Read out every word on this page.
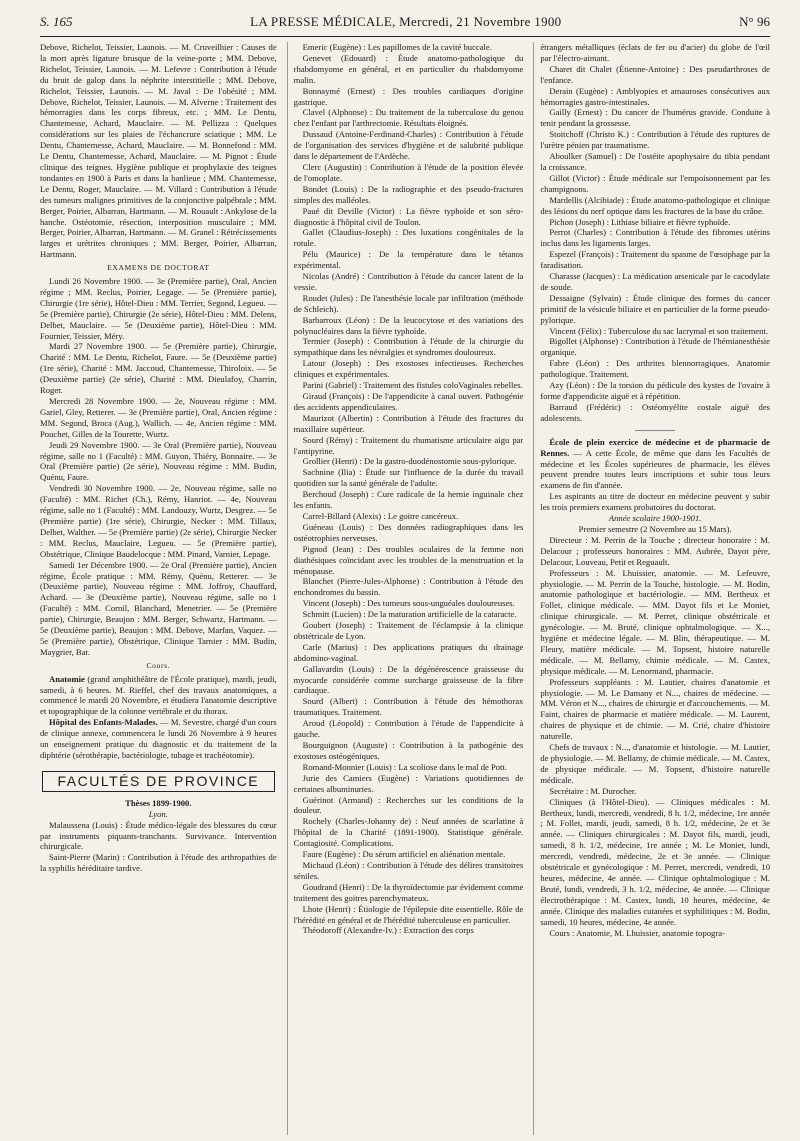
S. 165	LA PRESSE MÉDICALE, Mercredi, 21 Novembre 1900	N° 96

Debove, Richelot, Teissier, Launois. — M. Cruveilhier : Causes de la mort après ligature brusque de la veine-porte ; MM. Debove, Richelot, Teissier, Launois. — M. Lefevre : Contribution à l'étude du bruit de galop dans la néphrite interstitielle ; MM. Debove, Richelot, Teissier, Launois. — M. Javal : De l'obésité ; MM. Debove, Richelot, Teissier, Launois. — M. Alverne : Traitement des hémorragies dans les corps fibreux, etc. ; MM. Le Dentu, Chantemesse, Achard, Mauclaire. — M. Pellizza : Quelques considérations sur les plaies de l'échancrure sciatique ; MM. Le Dentu, Chantemesse, Achard, Mauclaire. — M. Bonnefond : MM. Le Dentu, Chantemesse, Achard, Mauclaire. — M. Pignot : Étude clinique des teignes. Hygiène publique et prophylaxie des teignes tondantes en 1900 à Paris et dans la banlieue ; MM. Chantemesse, Le Dentu, Roger, Mauclaire. — M. Villard : Contribution à l'étude des tumeurs malignes primitives de la conjonctive palpébrale ; MM. Berger, Poirier, Albarran, Hartmann. — M. Rouault : Ankylose de la hanche. Ostéotomie, résection, interposition musculaire ; MM. Berger, Poirier, Albarran, Hartmann. — M. Granel : Rétrécissements larges et urétrites chroniques ; MM. Berger, Poirier, Albarran, Hartmann.

EXAMENS DE DOCTORAT

Lundi 26 Novembre 1900. — 3e (Première partie), Oral, Ancien régime ; MM. Reclus, Poirier, Legage. — 5e (Première partie), Chirurgie (1re série), Hôtel-Dieu : MM. Terrier, Segond, Legueu. — 5e (Première partie), Chirurgie (2e série), Hôtel-Dieu : MM. Delens, Delbet, Mauclaire. — 5e (Deuxième partie), Hôtel-Dieu : MM. Fournier, Teissier, Méry.

Mardi 27 Novembre 1900. — 5e (Première partie), Chirurgie, Charité : MM. Le Dentu, Richelot, Faure. — 5e (Deuxième partie) (1re série), Charité : MM. Jaccoud, Chantemesse, Thiroloix. — 5e (Deuxième partie) (2e série), Charité : MM. Dieulafoy, Charrin, Roger.

Mercredi 28 Novembre 1900. — 2e, Nouveau régime : MM. Gariel, Gley, Retterer. — 3e (Première partie), Oral, Ancien régime : MM. Segond, Broca (Aug.), Wallich. — 4e, Ancien régime : MM. Pouchet, Gilles de la Tourette, Wurtz.

Jeudi 29 Novembre 1900. — 3e Oral (Première partie), Nouveau régime, salle no 1 (Faculté) : MM. Guyon, Thiéry, Bonnaire. — 3e Oral (Première partie) (2e série), Nouveau régime : MM. Budin, Quénu, Faure.

Vendredi 30 Novembre 1900. — 2e, Nouveau régime, salle no (Faculté) : MM. Richet (Ch.), Rémy, Hanriot. — 4e, Nouveau régime, salle no 1 (Faculté) : MM. Landouzy, Wurtz, Desgrez. — 5e (Première partie) (1re série), Chirurgie, Necker : MM. Tillaux, Delbet, Walther. — 5e (Première partie) (2e série), Chirurgie Necker : MM. Reclus, Mauclaire, Legueu. — 5e (Première partie), Obstétrique, Clinique Baudelocque : MM. Pinard, Varnier, Lepage.

Samedi 1er Décembre 1900. — 2e Oral (Première partie), Ancien régime, École pratique : MM. Rémy, Quénu, Retterer. — 3e (Deuxième partie), Nouveau régime : MM. Joffroy, Chauffard, Achard. — 3e (Deuxième partie), Nouveau régime, salle no 1 (Faculté) : MM. Cornil, Blanchard, Menetrier. — 5e (Première partie), Chirurgie, Beaujon : MM. Berger, Schwartz, Hartmann. — 5e (Deuxième partie), Beaujon : MM. Debove, Marfan, Vaquez. — 5e (Première partie), Obstétrique, Clinique Tarnier : MM. Budin, Maygrier, Bar.

Cours.

Anatomie (grand amphithéâtre de l'École pratique), mardi, jeudi, samedi, à 6 heures. M. Rieffel, chef des travaux anatomiques, a commencé le mardi 20 Novembre, et étudiera l'anatomie descriptive et topographique de la colonne vertébrale et du thorax.

Hôpital des Enfants-Malades. — M. Sevestre, chargé d'un cours de clinique annexe, commencera le lundi 26 Novembre à 9 heures un enseignement pratique du diagnostic et du traitement de la diphtérie (sérothérapie, bactériologie, tubage et trachéotomie).

FACULTÉS DE PROVINCE

Thèses 1899-1900.

Lyon.

Malaussena (Louis) : Étude médico-légale des blessures du cœur par instruments piquants-tranchants. Survivance. Intervention chirurgicale.

Saint-Pierre (Marin) : Contribution à l'étude des arthropathies de la syphilis héréditaire tardive.

Emeric (Eugène) : Les papillomes de la cavité buccale.

Genevet (Edouard) : Étude anatomo-pathologique du rhabdomyome en général, et en particulier du rhabdomyome malin.

Bonnaymé (Ernest) : Des troubles cardiaques d'origine gastrique.

Clavel (Alphonse) : Du traitement de la tuberculose du genou chez l'enfant par l'arthrectomie. Résultats éloignés.

Dussaud (Antoine-Ferdinand-Charles) : Contribution à l'étude de l'organisation des services d'hygiène et de salubrité publique dans le département de l'Ardèche.

Clerc (Augustin) : Contribution à l'étude de la position élevée de l'omoplate.

Bondet (Louis) : De la radiographie et des pseudo-fractures simples des malléoles.

Paué dit Deville (Victor) : La fièvre typhoïde et son séro-diagnostic à l'hôpital civil de Toulon.

Gallet (Claudius-Joseph) : Des luxations congénitales de la rotule.

Pélu (Maurice) : De la température dans le tétanos expérimental.

Nicolas (André) : Contribution à l'étude du cancer latent de la vessie.

Roudet (Jules) : De l'anesthésie locale par infiltration (méthode de Schleich).

Barbarroux (Léon) : De la leucocytose et des variations des polynucléaires dans la fièvre typhoïde.

Termier (Joseph) : Contribution à l'étude de la chirurgie du sympathique dans les névralgies et syndromes douloureux.

Latour (Joseph) : Des exostoses infectieuses. Recherches cliniques et expérimentales.

Parini (Gabriel) : Traitement des fistules coloVaginales rebelles.

Giraud (François) : De l'appendicite à canal ouvert. Pathogénie des accidents appendiculaires.

Maurizot (Albertin) : Contribution à l'étude des fractures du maxillaire supérieur.

Sourd (Rémy) : Traitement du rhumatisme articulaire aigu par l'antipyrine.

Grollier (Henri) : De la gastro-duodénostomie sous-pylorique.

Sachnine (Ilia) : Étude sur l'influence de la durée du travail quotidien sur la santé générale de l'adulte.

Berchoud (Joseph) : Cure radicale de la hernie inguinale chez les enfants.

Carrel-Billard (Alexis) : Le goitre cancéreux.

Guéneau (Louis) : Des données radiographiques dans les ostéotrophies nerveuses.

Pignod (Jean) : Des troubles oculaires de la femme non diathésiques coïncidant avec les troubles de la menstruation et la ménopause.

Blanchet (Pierre-Jules-Alphonse) : Contribution à l'étude des enchondromes du bassin.

Vincent (Joseph) : Des tumeurs sous-unguéales douloureuses.

Schmitt (Lucien) : De la maturation artificielle de la cataracte.

Goubert (Joseph) : Traitement de l'éclampsie à la clinique obstétricale de Lyon.

Carle (Marius) : Des applications pratiques du drainage abdomino-vaginal.

Gallavardin (Louis) : De la dégénérescence graisseuse du myocarde considérée comme surcharge graisseuse de la fibre cardiaque.

Sourd (Albert) : Contribution à l'étude des hémothorax traumatiques. Traitement.

Aroud (Léopold) : Contribution à l'étude de l'appendicite à gauche.

Bourguignon (Auguste) : Contribution à la pathogénie des exostoses ostéogéniques.

Romand-Monnier (Louis) : La scoliose dans le mal de Pott.

Jurie des Camiers (Eugène) : Variations quotidiennes de certaines albuminuries.

Guérinot (Armand) : Recherches sur les conditions de la douleur.

Rochely (Charles-Johanny de) : Neuf années de scarlatine à l'hôpital de la Charité (1891-1900). Statistique générale. Contagiosité. Complications.

Faure (Eugène) : Du sérum artificiel en aliénation mentale.

Michaud (Léon) : Contribution à l'étude des délires transitoires séniles.

Goudrand (Henri) : De la thyroïdectomie par évidement comme traitement des goitres parenchymateux.

Lhote (Henri) : Étiologie de l'épilepsie dite essentielle. Rôle de l'hérédité en général et de l'hérédité tuberculeuse en particulier.

Théodoroff (Alexandre-Iv.) : Extraction des corps

étrangers métalliques (éclats de fer ou d'acier) du globe de l'œil par l'électro-aimant.

Charet dit Chalet (Étienne-Antoine) : Des pseudarthroses de l'enfance.

Derain (Eugène) : Amblyopies et amauroses consécutives aux hémorragies gastro-intestinales.

Gailly (Ernest) : Du cancer de l'humérus gravide. Conduite à tenir pendant la grossesse.

Stoitchoff (Christo K.) : Contribution à l'étude des ruptures de l'urètre pénien par traumatisme.

Aboulker (Samuel) : De l'ostéite apophysaire du tibia pendant la croissance.

Gillot (Victor) : Étude médicale sur l'empoisonnement par les champignons.

Mardellis (Alcibiade) : Étude anatomo-pathologique et clinique des lésions du nerf optique dans les fractures de la base du crâne.

Pichon (Joseph) : Lithiase biliaire et fièvre typhoïde.

Perrot (Charles) : Contribution à l'étude des fibromes utérins inclus dans les ligaments larges.

Espezel (François) : Traitement du spasme de l'œsophage par la faradisation.

Charasse (Jacques) : La médication arsenicale par le cacodylate de soude.

Dessaigne (Sylvain) : Étude clinique des formes du cancer primitif de la vésicule biliaire et en particulier de la forme pseudo-pylorique.

Vincent (Félix) : Tuberculose du sac lacrymal et son traitement.

Bigollet (Alphonse) : Contribution à l'étude de l'hémianesthésie organique.

Fabre (Léon) : Des arthrites blennorragiques. Anatomie pathologique. Traitement.

Azy (Léon) : De la torsion du pédicule des kystes de l'ovaire à forme d'appendicite aiguë et à répétition.

Barraud (Frédéric) : Ostéomyélite costale aiguë des adolescents.

École de plein exercice de médecine et de pharmacie de Rennes. — A cette École, de même que dans les Facultés de médecine et les Écoles supérieures de pharmacie, les élèves peuvent prendre toutes leurs inscriptions et subir tous leurs examens de fin d'année.

Les aspirants au titre de docteur en médecine peuvent y subir les trois premiers examens probatoires du doctorat.

Année scolaire 1900-1901.

Premier semestre (2 Novembre au 15 Mars).

Directeur : M. Perrin de la Touche ; directeur honoraire : M. Delacour ; professeurs honoraires : MM. Aubrée, Dayot père, Delacour, Louveau, Petit et Reguault.

Professeurs : M. Lhuissier, anatomie. — M. Lefeuvre, physiologie. — M. Perrin de la Touche, histologie. — M. Bodin, anatomie pathologique et bactériologie. — MM. Bertheux et Follet, clinique médicale. — MM. Dayot fils et Le Moniet, clinique chirurgicale. — M. Perret, clinique obstétricale et gynécologie. — M. Bruté, clinique ophtalmologique. — X..., hygiène et médecine légale. — M. Blin, thérapeutique. — M. Fleury, matière médicale. — M. Topsent, histoire naturelle médicale. — M. Bellamy, chimie médicale. — M. Castex, physique médicale. — M. Lenormand, pharmacie.

Professeurs suppléants : M. Lautier, chaires d'anatomie et physiologie. — M. Le Damany et N..., chaires de médecine. — MM. Véron et N..., chaires de chirurgie et d'accouchements. — M. Faint, chaires de pharmacie et matière médicale. — M. Laurent, chaires de physique et de chimie. — M. Crié, chaire d'histoire naturelle.

Chefs de travaux : N..., d'anatomie et histologie. — M. Lautier, de physiologie. — M. Bellamy, de chimie médicale. — M. Castex, de physique médicale. — M. Topsent, d'histoire naturelle médicale.

Secrétaire : M. Durocher.

Cliniques (à l'Hôtel-Dieu). — Cliniques médicales : M. Bertheux, lundi, mercredi, vendredi, 8 h. 1/2, médecine, 1re année ; M. Follet, mardi, jeudi, samedi, 8 h. 1/2, médecine, 2e et 3e année. — Cliniques chirurgicales : M. Dayot fils, mardi, jeudi, samedi, 8 h. 1/2, médecine, 1re année ; M. Le Moniet, lundi, mercredi, vendredi, médecine, 2e et 3e année. — Clinique obstétricale et gynécologique : M. Perret, mercredi, vendredi, 10 heures, médecine, 4e année. — Clinique ophtalmologique : M. Bruté, lundi, vendredi, 3 h. 1/2, médecine, 4e année. — Clinique électrothérapique : M. Castex, lundi, 10 heures, médecine, 4e année. Clinique des maladies cutanées et syphilitiques : M. Bodin, samedi, 10 heures, médecine, 4e année.

Cours : Anatomie, M. Lhuissier, anatomie topogra-
